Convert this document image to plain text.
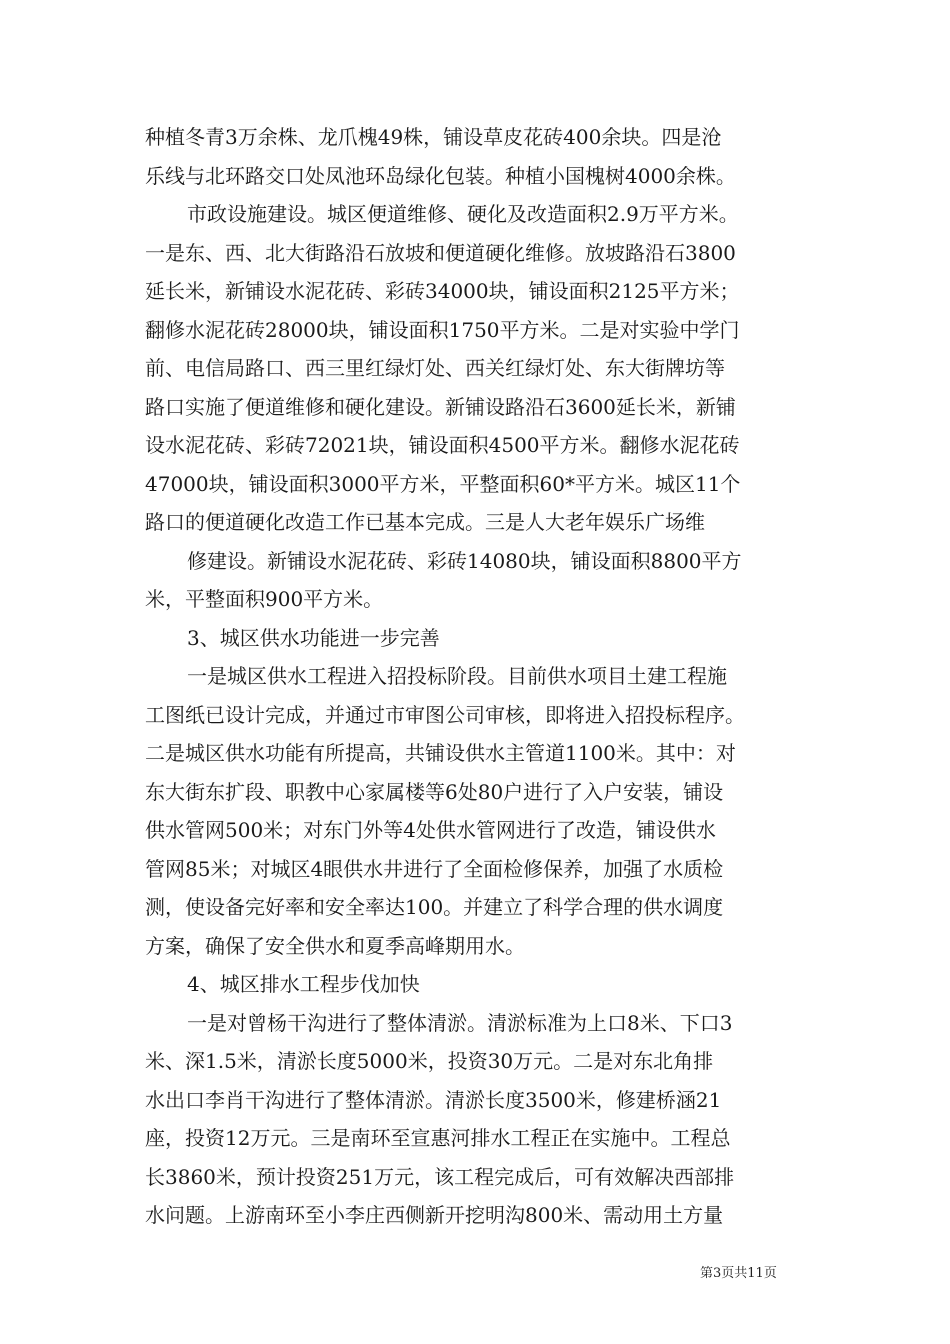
种植冬青3万余株、龙爪槐49株，铺设草皮花砖400余块。四是沧
乐线与北环路交口处凤池环岛绿化包装。种植小国槐树4000余株。
市政设施建设。城区便道维修、硬化及改造面积2.9万平方米。
一是东、西、北大街路沿石放坡和便道硬化维修。放坡路沿石3800
延长米，新铺设水泥花砖、彩砖34000块，铺设面积2125平方米；
翻修水泥花砖28000块，铺设面积1750平方米。二是对实验中学门
前、电信局路口、西三里红绿灯处、西关红绿灯处、东大街牌坊等
路口实施了便道维修和硬化建设。新铺设路沿石3600延长米，新铺
设水泥花砖、彩砖72021块，铺设面积4500平方米。翻修水泥花砖
47000块，铺设面积3000平方米，平整面积60*平方米。城区11个
路口的便道硬化改造工作已基本完成。三是人大老年娱乐广场维
修建设。新铺设水泥花砖、彩砖14080块，铺设面积8800平方
米，平整面积900平方米。
3、城区供水功能进一步完善
一是城区供水工程进入招投标阶段。目前供水项目土建工程施
工图纸已设计完成，并通过市审图公司审核，即将进入招投标程序。
二是城区供水功能有所提高，共铺设供水主管道1100米。其中：对
东大街东扩段、职教中心家属楼等6处80户进行了入户安装，铺设
供水管网500米；对东门外等4处供水管网进行了改造，铺设供水
管网85米；对城区4眼供水井进行了全面检修保养，加强了水质检
测，使设备完好率和安全率达100。并建立了科学合理的供水调度
方案，确保了安全供水和夏季高峰期用水。
4、城区排水工程步伐加快
一是对曾杨干沟进行了整体清淤。清淤标准为上口8米、下口3
米、深1.5米，清淤长度5000米，投资30万元。二是对东北角排
水出口李肖干沟进行了整体清淤。清淤长度3500米，修建桥涵21
座，投资12万元。三是南环至宣惠河排水工程正在实施中。工程总
长3860米，预计投资251万元，该工程完成后，可有效解决西部排
水问题。上游南环至小李庄西侧新开挖明沟800米、需动用土方量
第3页共11页
